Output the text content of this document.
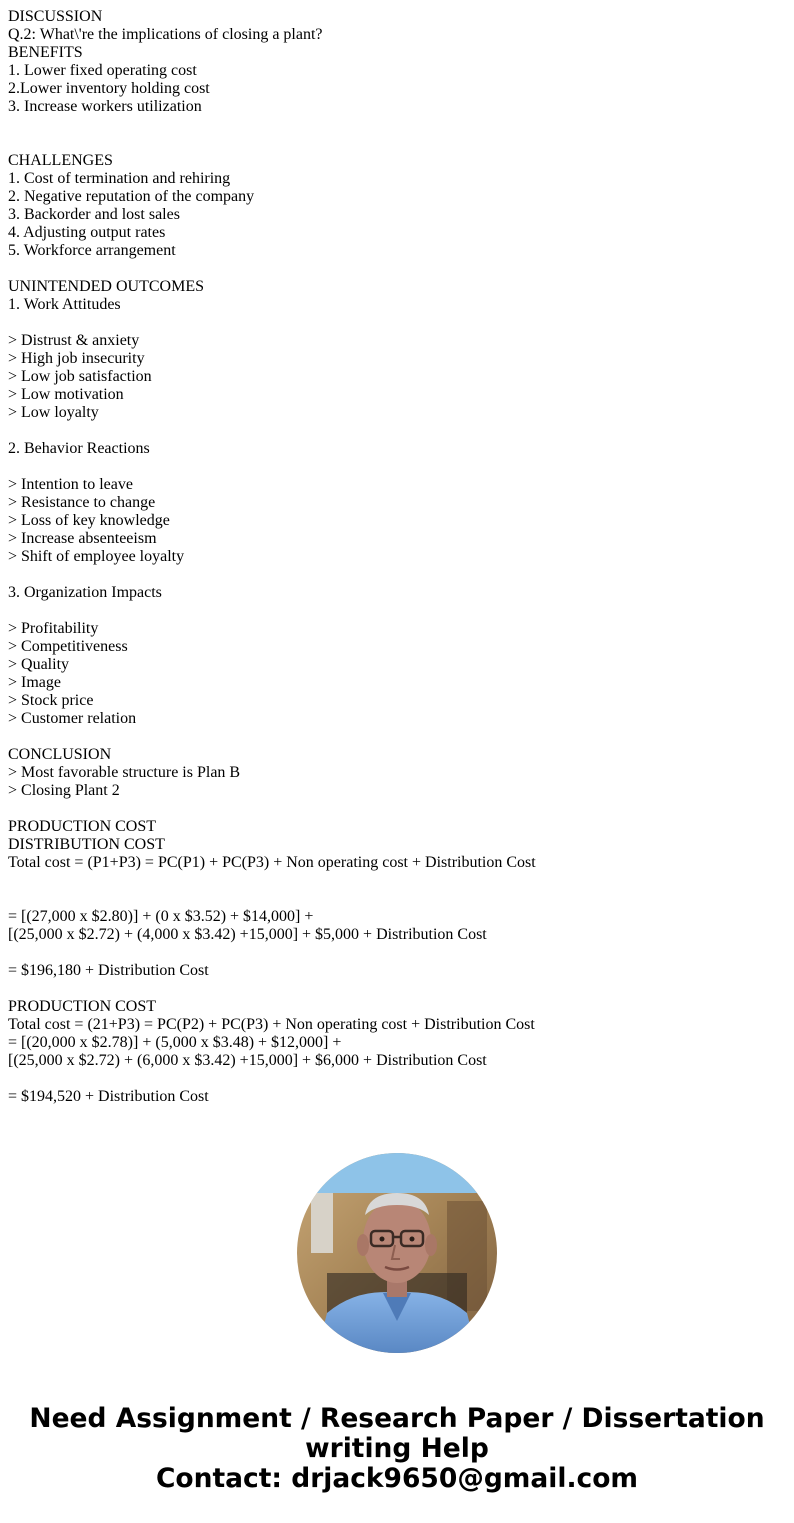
DISCUSSION
Q.2: What\'re the implications of closing a plant?
BENEFITS
1. Lower fixed operating cost
2.Lower inventory holding cost
3. Increase workers utilization
CHALLENGES
1. Cost of termination and rehiring
2. Negative reputation of the company
3. Backorder and lost sales
4. Adjusting output rates
5. Workforce arrangement
UNINTENDED OUTCOMES
1. Work Attitudes
> Distrust & anxiety
> High job insecurity
> Low job satisfaction
> Low motivation
> Low loyalty
2. Behavior Reactions
> Intention to leave
> Resistance to change
> Loss of key knowledge
> Increase absenteeism
> Shift of employee loyalty
3. Organization Impacts
> Profitability
> Competitiveness
> Quality
> Image
> Stock price
> Customer relation
CONCLUSION
> Most favorable structure is Plan B
> Closing Plant 2
PRODUCTION COST
DISTRIBUTION COST
Total cost = (P1+P3) = PC(P1) + PC(P3) + Non operating cost + Distribution Cost
= [(27,000 x $2.80)] + (0 x $3.52) + $14,000] +
[(25,000 x $2.72) + (4,000 x $3.42) +15,000] + $5,000 + Distribution Cost
= $196,180 + Distribution Cost
PRODUCTION COST
Total cost = (21+P3) = PC(P2) + PC(P3) + Non operating cost + Distribution Cost
= [(20,000 x $2.78)] + (5,000 x $3.48) + $12,000] +
[(25,000 x $2.72) + (6,000 x $3.42) +15,000] + $6,000 + Distribution Cost
= $194,520 + Distribution Cost
Need Assignment / Research Paper / Dissertation
writing Help
Contact: drjack9650@gmail.com
